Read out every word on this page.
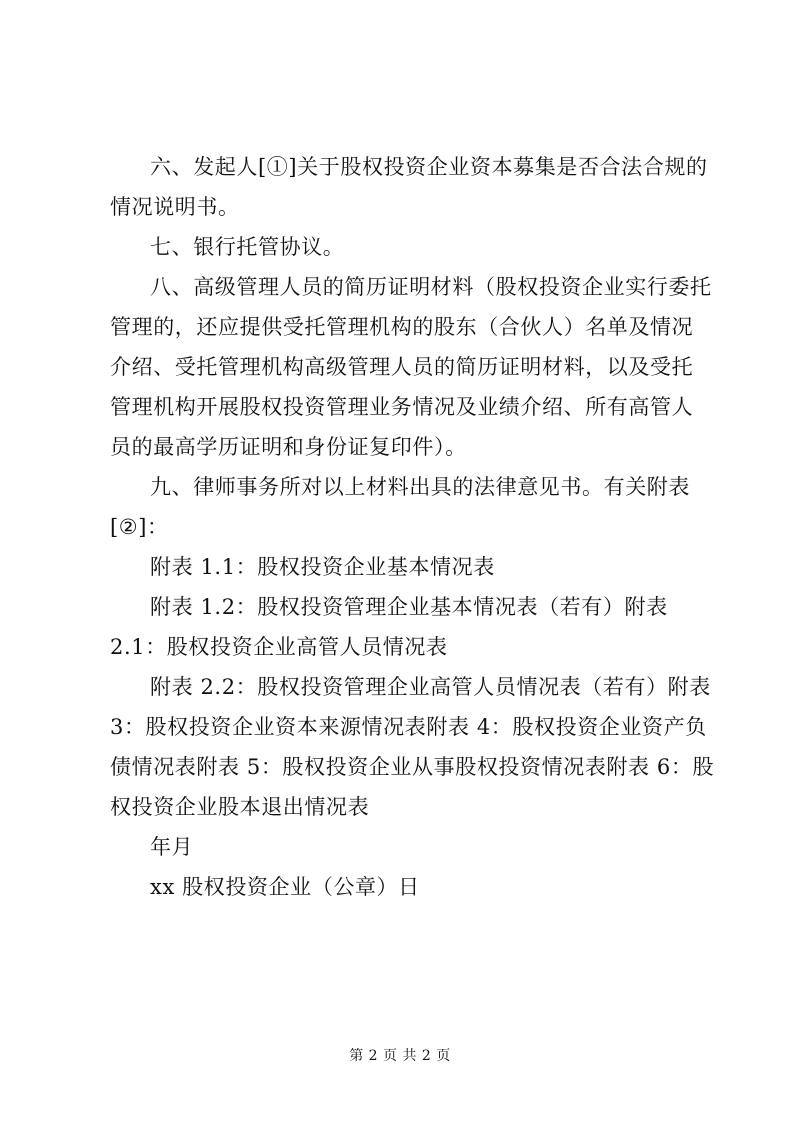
六、发起人[①]关于股权投资企业资本募集是否合法合规的
情况说明书。
七、银行托管协议。
八、高级管理人员的简历证明材料（股权投资企业实行委托
管理的，还应提供受托管理机构的股东（合伙人）名单及情况
介绍、受托管理机构高级管理人员的简历证明材料，以及受托
管理机构开展股权投资管理业务情况及业绩介绍、所有高管人
员的最高学历证明和身份证复印件）。
九、律师事务所对以上材料出具的法律意见书。有关附表
[②]：
附表 1.1：股权投资企业基本情况表
附表 1.2：股权投资管理企业基本情况表（若有）附表
2.1：股权投资企业高管人员情况表
附表 2.2：股权投资管理企业高管人员情况表（若有）附表
3：股权投资企业资本来源情况表附表 4：股权投资企业资产负
债情况表附表 5：股权投资企业从事股权投资情况表附表 6：股
权投资企业股本退出情况表
年月
xx 股权投资企业（公章）日
第 2 页 共 2 页
